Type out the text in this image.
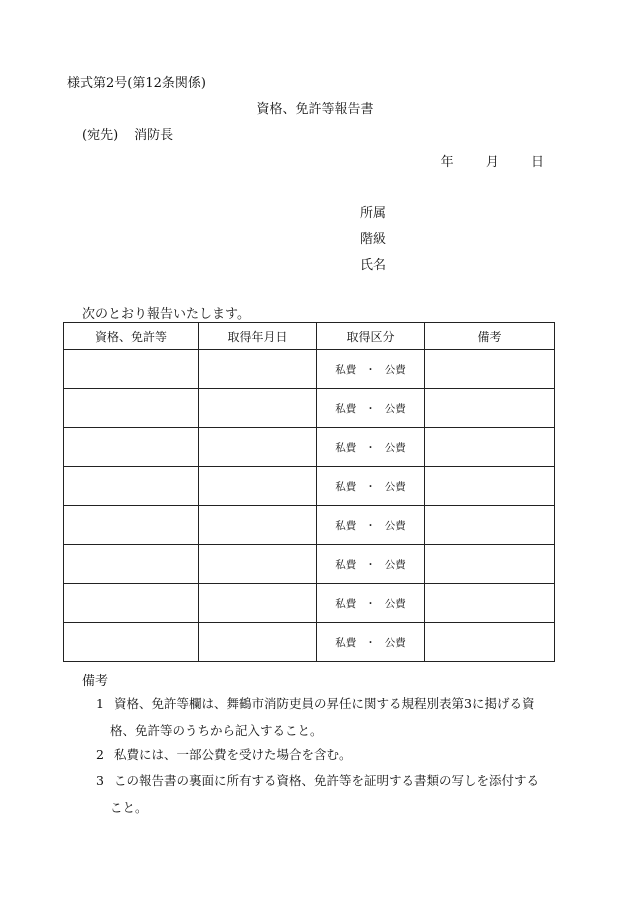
様式第2号(第12条関係)
資格、免許等報告書
(宛先) 消防長
年 月 日
所属
階級
氏名
次のとおり報告いたします。
資格、免許等	取得年月日	取得区分	備考
		私費 ・ 公費	
		私費 ・ 公費	
		私費 ・ 公費	
		私費 ・ 公費	
		私費 ・ 公費	
		私費 ・ 公費	
		私費 ・ 公費	
		私費 ・ 公費	
備考
1 資格、免許等欄は、舞鶴市消防吏員の昇任に関する規程別表第3に掲げる資
格、免許等のうちから記入すること。
2 私費には、一部公費を受けた場合を含む。
3 この報告書の裏面に所有する資格、免許等を証明する書類の写しを添付する
こと。
